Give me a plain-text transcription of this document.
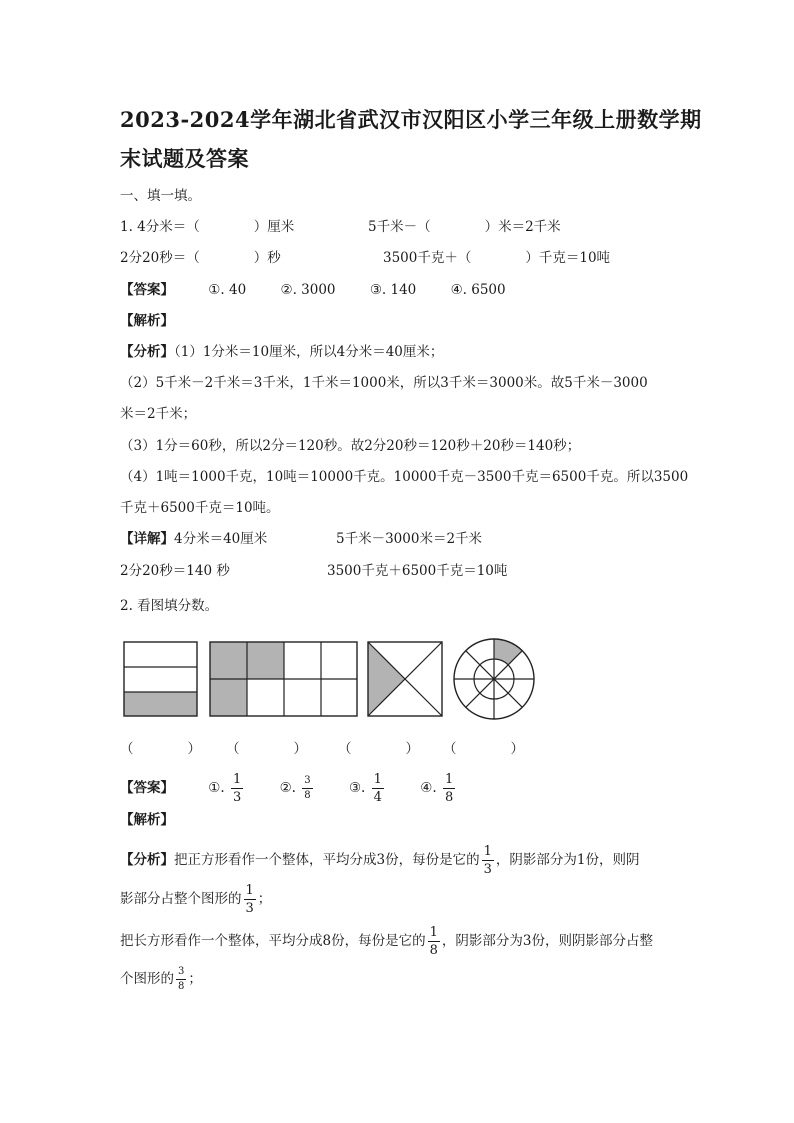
2023-2024学年湖北省武汉市汉阳区小学三年级上册数学期
末试题及答案
一、填一填。
1. 4分米＝（　　　　）厘米	5千米－（　　　　）米＝2千米
2分20秒＝（　　　　）秒	3500千克＋（　　　　）千克＝10吨
【答案】	①. 40	②. 3000	③. 140	④. 6500
【解析】
【分析】（1）1分米＝10厘米，所以4分米＝40厘米；
（2）5千米－2千米＝3千米，1千米＝1000米，所以3千米＝3000米。故5千米－3000
米＝2千米；
（3）1分＝60秒，所以2分＝120秒。故2分20秒＝120秒＋20秒＝140秒；
（4）1吨＝1000千克，10吨＝10000千克。10000千克－3500千克＝6500千克。所以3500
千克＋6500千克＝10吨。
【详解】4分米＝40厘米	5千米－3000米＝2千米
2分20秒＝140 秒	3500千克＋6500千克＝10吨
2. 看图填分数。
（　　　　） （　　　　） （　　　　） （　　　　）
【答案】	①. $\frac{1}{3}$	②. $\frac{3}{8}$	③. $\frac{1}{4}$	④. $\frac{1}{8}$
【解析】
【分析】把正方形看作一个整体，平均分成3份，每份是它的 $\frac{1}{3}$ ，阴影部分为1份，则阴
影部分占整个图形的 $\frac{1}{3}$ ；
把长方形看作一个整体，平均分成8份，每份是它的 $\frac{1}{8}$ ，阴影部分为3份，则阴影部分占整
个图形的 $\frac{3}{8}$ ；
